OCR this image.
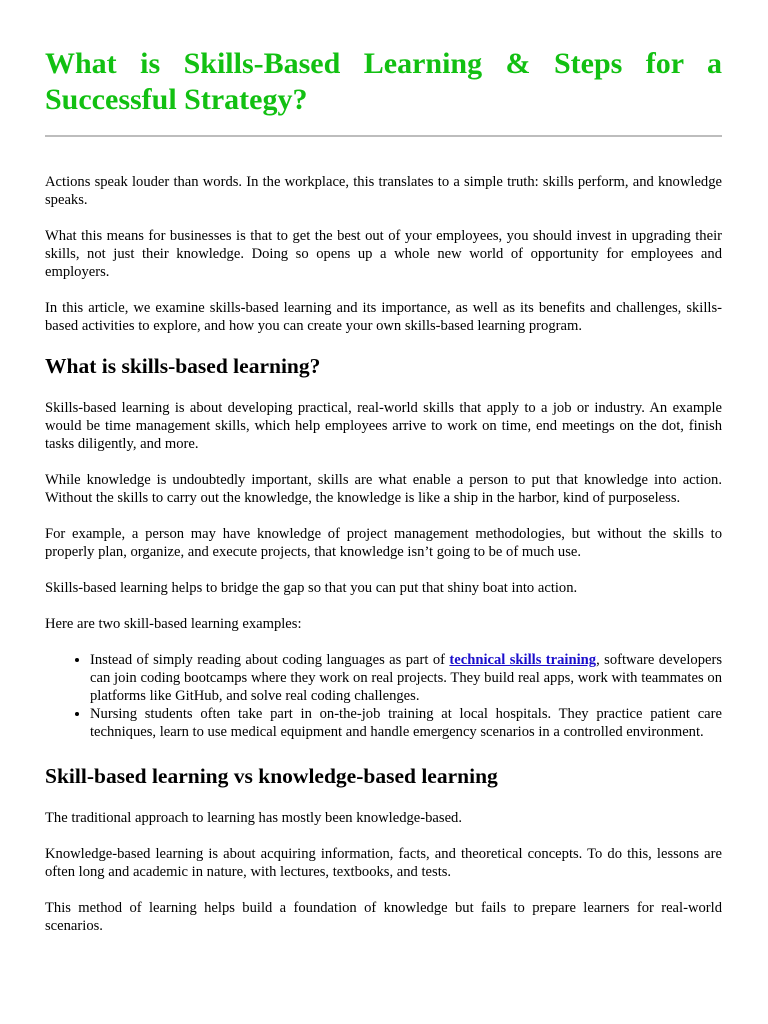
What is Skills-Based Learning & Steps for a Successful Strategy?

Actions speak louder than words. In the workplace, this translates to a simple truth: skills perform, and knowledge speaks.

What this means for businesses is that to get the best out of your employees, you should invest in upgrading their skills, not just their knowledge. Doing so opens up a whole new world of opportunity for employees and employers.

In this article, we examine skills-based learning and its importance, as well as its benefits and challenges, skills-based activities to explore, and how you can create your own skills-based learning program.

What is skills-based learning?

Skills-based learning is about developing practical, real-world skills that apply to a job or industry. An example would be time management skills, which help employees arrive to work on time, end meetings on the dot, finish tasks diligently, and more.

While knowledge is undoubtedly important, skills are what enable a person to put that knowledge into action. Without the skills to carry out the knowledge, the knowledge is like a ship in the harbor, kind of purposeless.

For example, a person may have knowledge of project management methodologies, but without the skills to properly plan, organize, and execute projects, that knowledge isn’t going to be of much use.

Skills-based learning helps to bridge the gap so that you can put that shiny boat into action.

Here are two skill-based learning examples:

• Instead of simply reading about coding languages as part of technical skills training, software developers can join coding bootcamps where they work on real projects. They build real apps, work with teammates on platforms like GitHub, and solve real coding challenges.
• Nursing students often take part in on-the-job training at local hospitals. They practice patient care techniques, learn to use medical equipment and handle emergency scenarios in a controlled environment.
Skill-based learning vs knowledge-based learning

The traditional approach to learning has mostly been knowledge-based.

Knowledge-based learning is about acquiring information, facts, and theoretical concepts. To do this, lessons are often long and academic in nature, with lectures, textbooks, and tests.

This method of learning helps build a foundation of knowledge but fails to prepare learners for real-world scenarios.
